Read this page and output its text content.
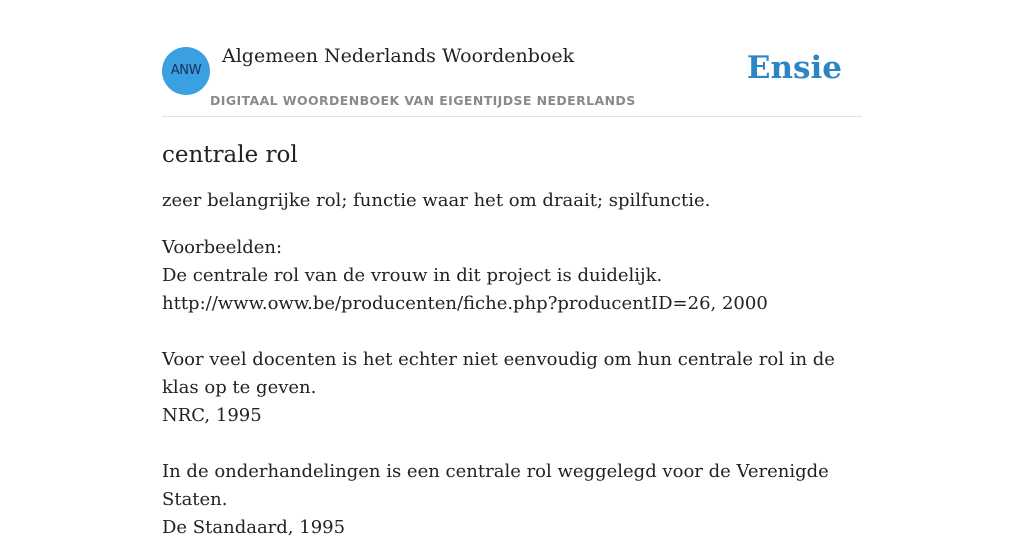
ANW
Algemeen Nederlands Woordenboek
DIGITAAL WOORDENBOEK VAN EIGENTIJDSE NEDERLANDS
Ensie
centrale rol

zeer belangrijke rol; functie waar het om draait; spilfunctie.

Voorbeelden:
De centrale rol van de vrouw in dit project is duidelijk.
http://www.oww.be/producenten/fiche.php?producentID=26, 2000
Voor veel docenten is het echter niet eenvoudig om hun centrale rol in de klas op te geven.
NRC, 1995
In de onderhandelingen is een centrale rol weggelegd voor de Verenigde Staten.
De Standaard, 1995
